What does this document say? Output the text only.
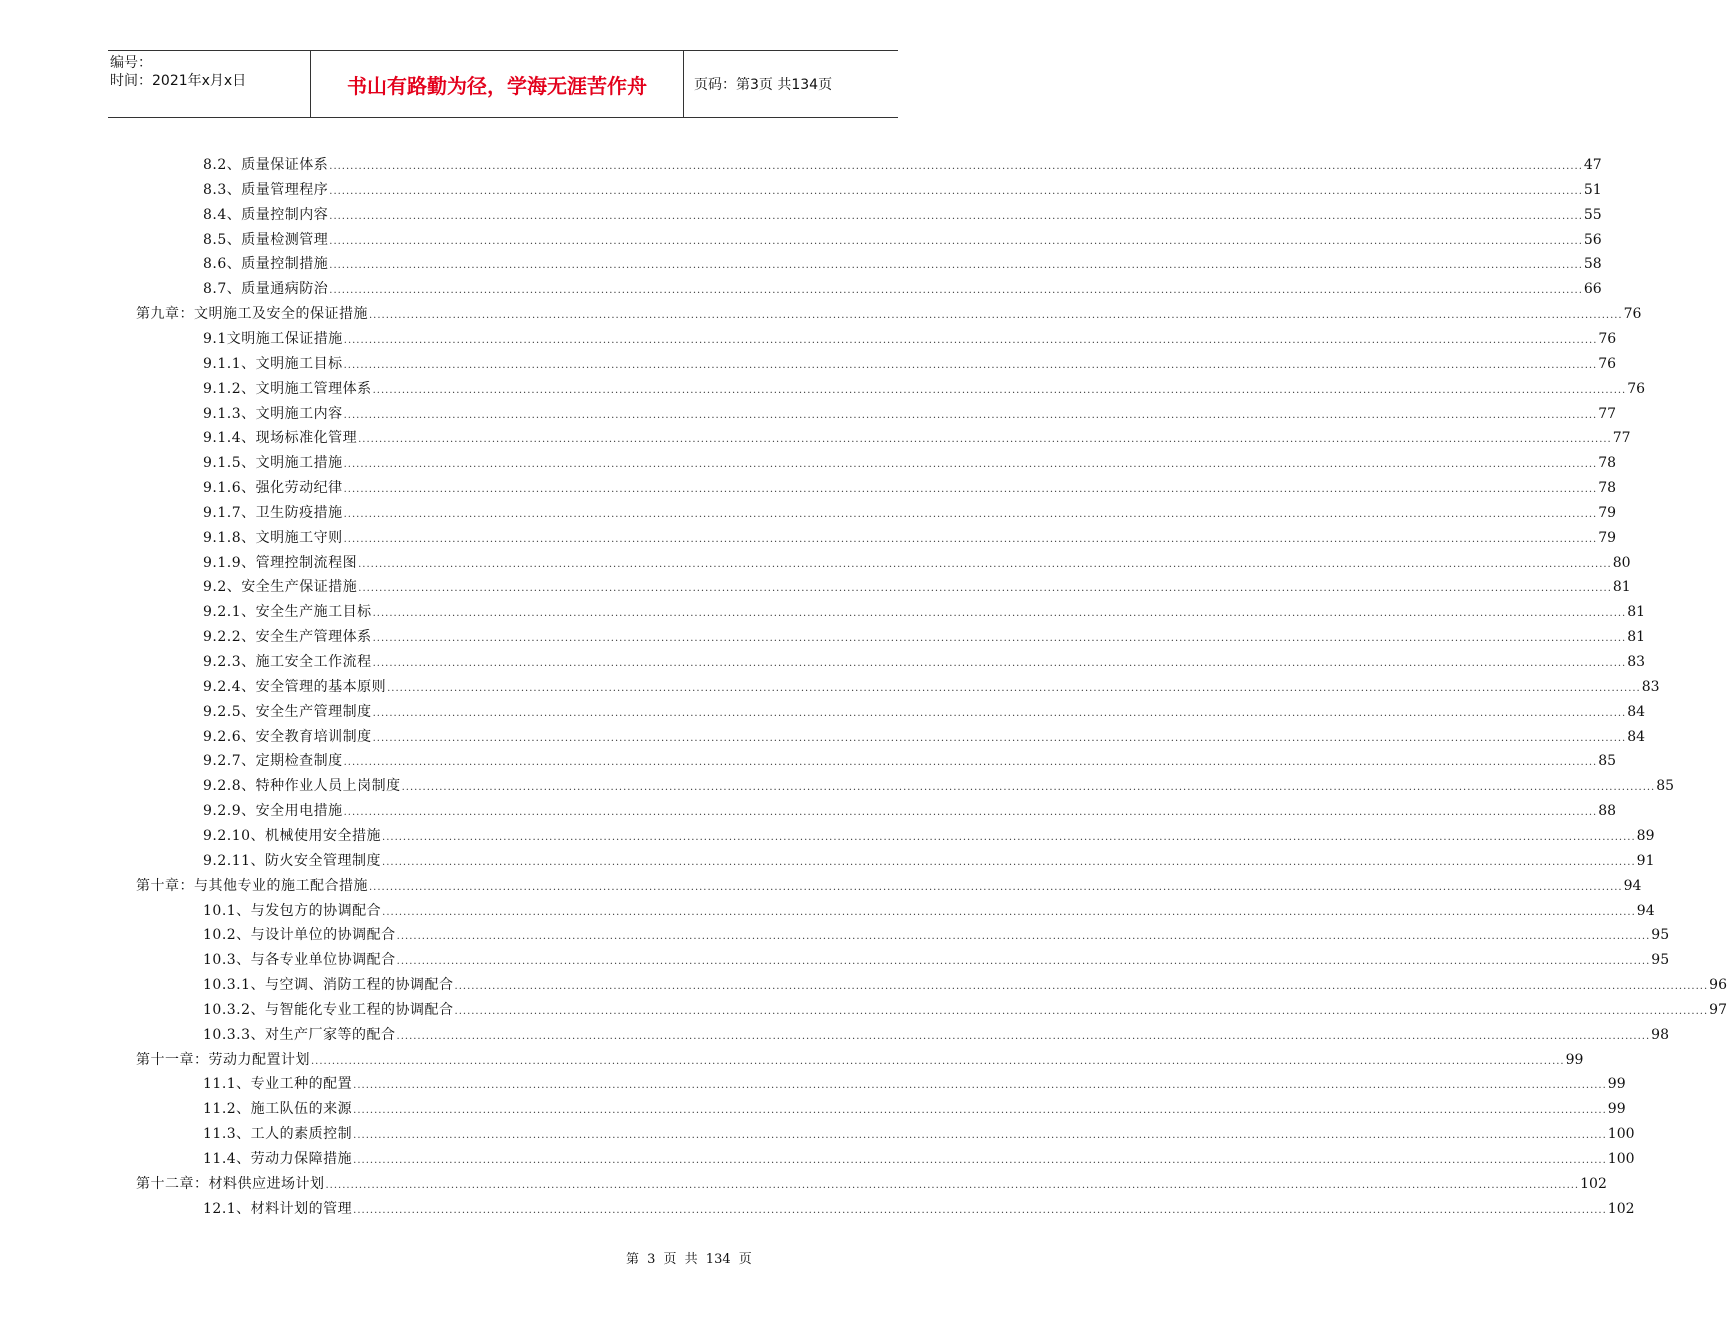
编号：
时间：2021年x月x日	书山有路勤为径，学海无涯苦作舟	页码：第3页 共134页
8.2、质量保证体系 ............................................................................................................................................................................................................................................................................................................ 47
8.3、质量管理程序 ............................................................................................................................................................................................................................................................................................................ 51
8.4、质量控制内容 ............................................................................................................................................................................................................................................................................................................ 55
8.5、质量检测管理 ............................................................................................................................................................................................................................................................................................................ 56
8.6、质量控制措施 ............................................................................................................................................................................................................................................................................................................ 58
8.7、质量通病防治 ............................................................................................................................................................................................................................................................................................................ 66
第九章：文明施工及安全的保证措施 ............................................................................................................................................................................................................................................................................................................ 76
9.1文明施工保证措施 ............................................................................................................................................................................................................................................................................................................ 76
9.1.1、文明施工目标 ............................................................................................................................................................................................................................................................................................................ 76
9.1.2、文明施工管理体系 ............................................................................................................................................................................................................................................................................................................ 76
9.1.3、文明施工内容 ............................................................................................................................................................................................................................................................................................................ 77
9.1.4、现场标准化管理 ............................................................................................................................................................................................................................................................................................................ 77
9.1.5、文明施工措施 ............................................................................................................................................................................................................................................................................................................ 78
9.1.6、强化劳动纪律 ............................................................................................................................................................................................................................................................................................................ 78
9.1.7、卫生防疫措施 ............................................................................................................................................................................................................................................................................................................ 79
9.1.8、文明施工守则 ............................................................................................................................................................................................................................................................................................................ 79
9.1.9、管理控制流程图 ............................................................................................................................................................................................................................................................................................................ 80
9.2、安全生产保证措施 ............................................................................................................................................................................................................................................................................................................ 81
9.2.1、安全生产施工目标 ............................................................................................................................................................................................................................................................................................................ 81
9.2.2、安全生产管理体系 ............................................................................................................................................................................................................................................................................................................ 81
9.2.3、施工安全工作流程 ............................................................................................................................................................................................................................................................................................................ 83
9.2.4、安全管理的基本原则 ............................................................................................................................................................................................................................................................................................................ 83
9.2.5、安全生产管理制度 ............................................................................................................................................................................................................................................................................................................ 84
9.2.6、安全教育培训制度 ............................................................................................................................................................................................................................................................................................................ 84
9.2.7、定期检查制度 ............................................................................................................................................................................................................................................................................................................ 85
9.2.8、特种作业人员上岗制度 ............................................................................................................................................................................................................................................................................................................ 85
9.2.9、安全用电措施 ............................................................................................................................................................................................................................................................................................................ 88
9.2.10、机械使用安全措施 ............................................................................................................................................................................................................................................................................................................ 89
9.2.11、防火安全管理制度 ............................................................................................................................................................................................................................................................................................................ 91
第十章：与其他专业的施工配合措施 ............................................................................................................................................................................................................................................................................................................ 94
10.1、与发包方的协调配合 ............................................................................................................................................................................................................................................................................................................ 94
10.2、与设计单位的协调配合 ............................................................................................................................................................................................................................................................................................................ 95
10.3、与各专业单位协调配合 ............................................................................................................................................................................................................................................................................................................ 95
10.3.1、与空调、消防工程的协调配合 ............................................................................................................................................................................................................................................................................................................ 96
10.3.2、与智能化专业工程的协调配合 ............................................................................................................................................................................................................................................................................................................ 97
10.3.3、对生产厂家等的配合 ............................................................................................................................................................................................................................................................................................................ 98
第十一章：劳动力配置计划 ............................................................................................................................................................................................................................................................................................................ 99
11.1、专业工种的配置 ............................................................................................................................................................................................................................................................................................................ 99
11.2、施工队伍的来源 ............................................................................................................................................................................................................................................................................................................ 99
11.3、工人的素质控制 ............................................................................................................................................................................................................................................................................................................ 100
11.4、劳动力保障措施 ............................................................................................................................................................................................................................................................................................................ 100
第十二章：材料供应进场计划 ............................................................................................................................................................................................................................................................................................................ 102
12.1、材料计划的管理 ............................................................................................................................................................................................................................................................................................................ 102
第 3 页 共 134 页
